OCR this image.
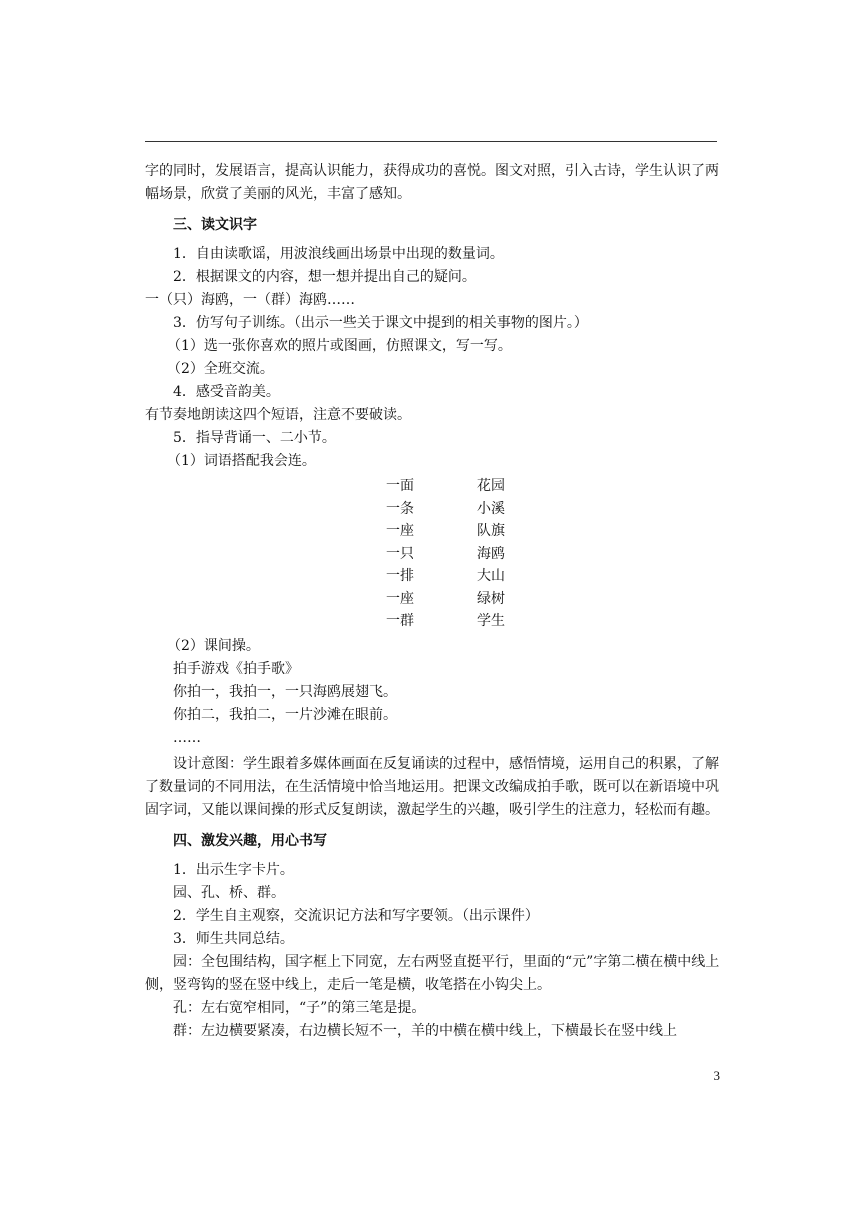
字的同时，发展语言，提高认识能力，获得成功的喜悦。图文对照，引入古诗，学生认识了两幅场景，欣赏了美丽的风光，丰富了感知。

三、读文识字

1．自由读歌谣，用波浪线画出场景中出现的数量词。

2．根据课文的内容，想一想并提出自己的疑问。

一（只）海鸥，一（群）海鸥……

3．仿写句子训练。（出示一些关于课文中提到的相关事物的图片。）

（1）选一张你喜欢的照片或图画，仿照课文，写一写。

（2）全班交流。

4．感受音韵美。

有节奏地朗读这四个短语，注意不要破读。

5．指导背诵一、二小节。

（1）词语搭配我会连。

一面	花园
一条	小溪
一座	队旗
一只	海鸥
一排	大山
一座	绿树
一群	学生

（2）课间操。

拍手游戏《拍手歌》

你拍一，我拍一，一只海鸥展翅飞。

你拍二，我拍二，一片沙滩在眼前。

……

设计意图：学生跟着多媒体画面在反复诵读的过程中，感悟情境，运用自己的积累，了解了数量词的不同用法，在生活情境中恰当地运用。把课文改编成拍手歌，既可以在新语境中巩固字词，又能以课间操的形式反复朗读，激起学生的兴趣，吸引学生的注意力，轻松而有趣。

四、激发兴趣，用心书写

1．出示生字卡片。

园、孔、桥、群。

2．学生自主观察，交流识记方法和写字要领。（出示课件）

3．师生共同总结。

园：全包围结构，国字框上下同宽，左右两竖直挺平行，里面的“元”字第二横在横中线上侧，竖弯钩的竖在竖中线上，走后一笔是横，收笔搭在小钩尖上。

孔：左右宽窄相同，“子”的第三笔是提。

群：左边横要紧凑，右边横长短不一，羊的中横在横中线上，下横最长在竖中线上

3
